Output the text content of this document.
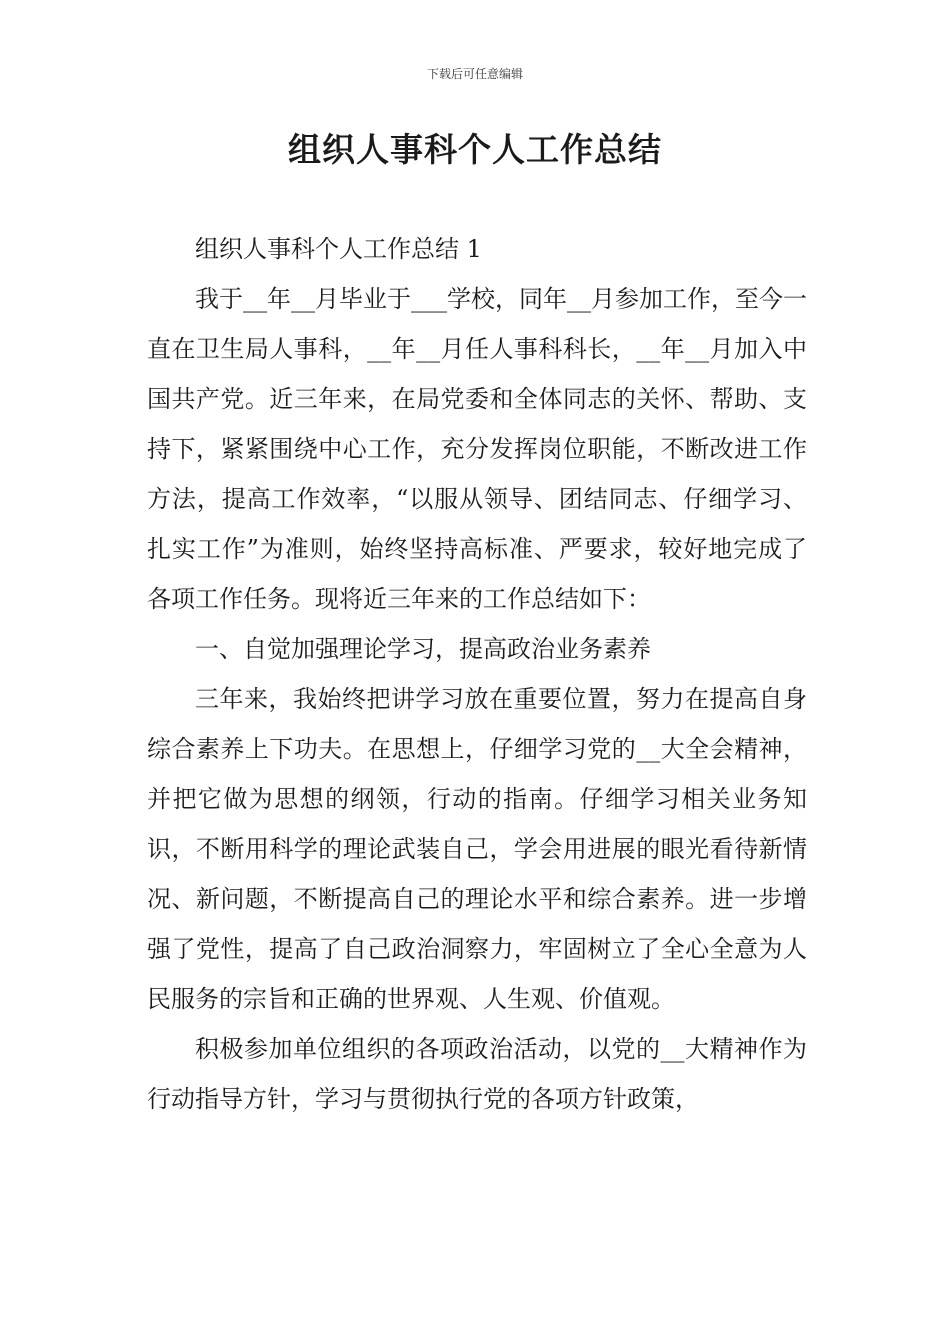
下载后可任意编辑
组织人事科个人工作总结

组织人事科个人工作总结 1

我于__年__月毕业于___学校，同年__月参加工作，至今一直在卫生局人事科，__年__月任人事科科长，__年__月加入中国共产党。近三年来，在局党委和全体同志的关怀、帮助、支持下，紧紧围绕中心工作，充分发挥岗位职能，不断改进工作方法，提高工作效率，“以服从领导、团结同志、仔细学习、扎实工作”为准则，始终坚持高标准、严要求，较好地完成了各项工作任务。现将近三年来的工作总结如下：

一、自觉加强理论学习，提高政治业务素养

三年来，我始终把讲学习放在重要位置，努力在提高自身综合素养上下功夫。在思想上，仔细学习党的__大全会精神，并把它做为思想的纲领，行动的指南。仔细学习相关业务知识，不断用科学的理论武装自己，学会用进展的眼光看待新情况、新问题，不断提高自己的理论水平和综合素养。进一步增强了党性，提高了自己政治洞察力，牢固树立了全心全意为人民服务的宗旨和正确的世界观、人生观、价值观。

积极参加单位组织的各项政治活动，以党的__大精神作为行动指导方针，学习与贯彻执行党的各项方针政策，
